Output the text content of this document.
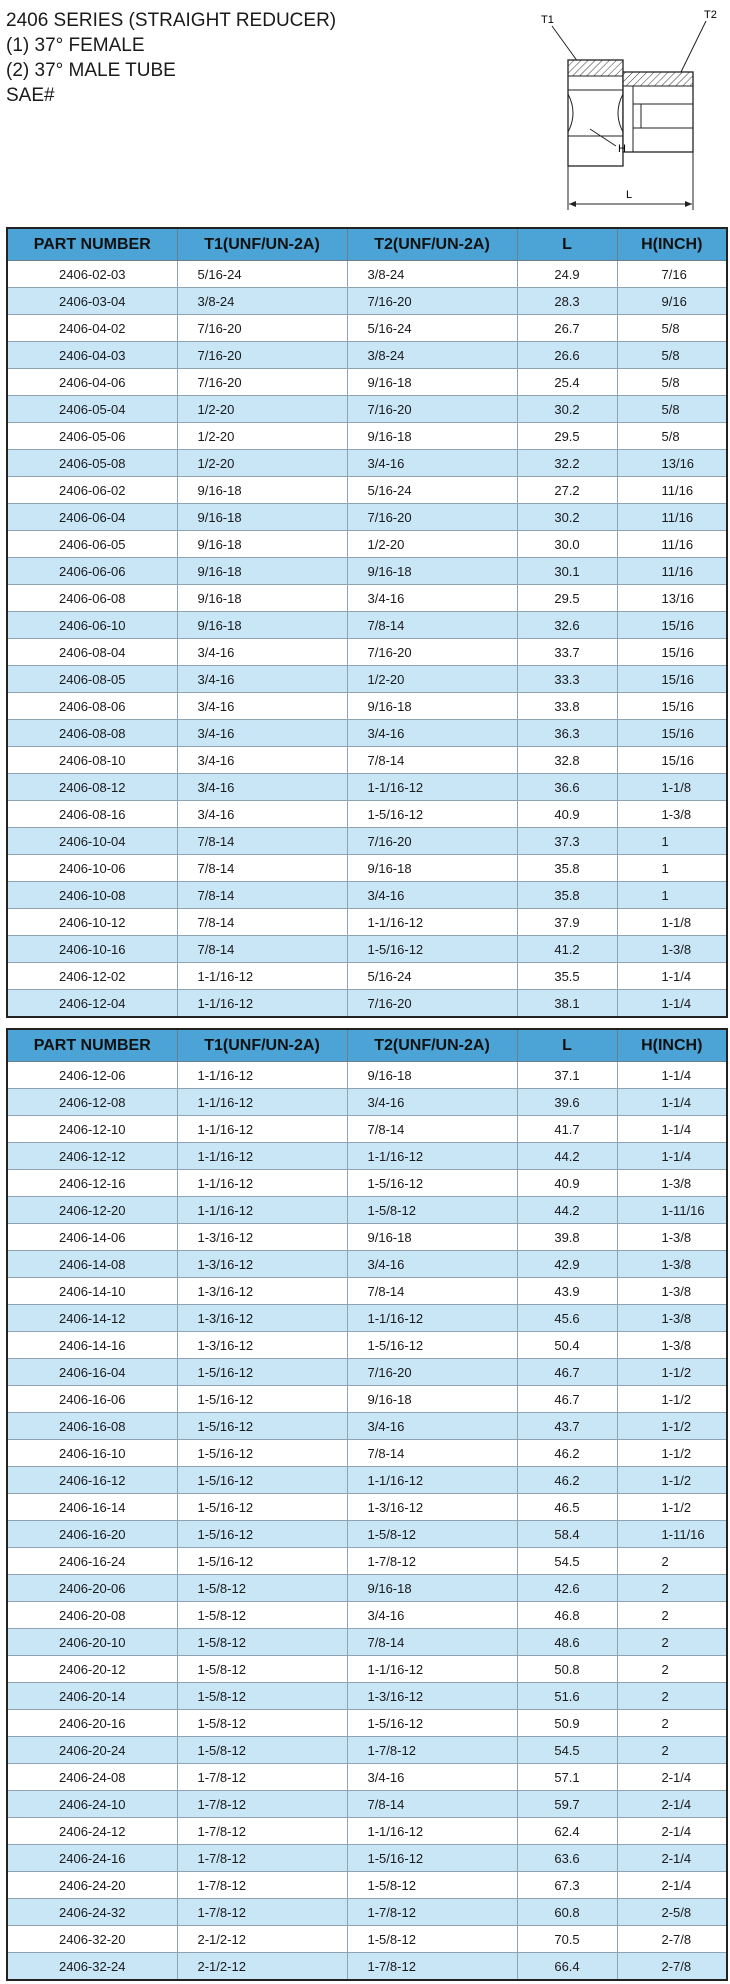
2406 SERIES (STRAIGHT REDUCER)
(1) 37° FEMALE
(2) 37° MALE TUBE
SAE#
T1	T2
H
L
PART NUMBER	T1(UNF/UN-2A)	T2(UNF/UN-2A)	L	H(INCH)
2406-02-03	5/16-24	3/8-24	24.9	7/16
2406-03-04	3/8-24	7/16-20	28.3	9/16
2406-04-02	7/16-20	5/16-24	26.7	5/8
2406-04-03	7/16-20	3/8-24	26.6	5/8
2406-04-06	7/16-20	9/16-18	25.4	5/8
2406-05-04	1/2-20	7/16-20	30.2	5/8
2406-05-06	1/2-20	9/16-18	29.5	5/8
2406-05-08	1/2-20	3/4-16	32.2	13/16
2406-06-02	9/16-18	5/16-24	27.2	11/16
2406-06-04	9/16-18	7/16-20	30.2	11/16
2406-06-05	9/16-18	1/2-20	30.0	11/16
2406-06-06	9/16-18	9/16-18	30.1	11/16
2406-06-08	9/16-18	3/4-16	29.5	13/16
2406-06-10	9/16-18	7/8-14	32.6	15/16
2406-08-04	3/4-16	7/16-20	33.7	15/16
2406-08-05	3/4-16	1/2-20	33.3	15/16
2406-08-06	3/4-16	9/16-18	33.8	15/16
2406-08-08	3/4-16	3/4-16	36.3	15/16
2406-08-10	3/4-16	7/8-14	32.8	15/16
2406-08-12	3/4-16	1-1/16-12	36.6	1-1/8
2406-08-16	3/4-16	1-5/16-12	40.9	1-3/8
2406-10-04	7/8-14	7/16-20	37.3	1
2406-10-06	7/8-14	9/16-18	35.8	1
2406-10-08	7/8-14	3/4-16	35.8	1
2406-10-12	7/8-14	1-1/16-12	37.9	1-1/8
2406-10-16	7/8-14	1-5/16-12	41.2	1-3/8
2406-12-02	1-1/16-12	5/16-24	35.5	1-1/4
2406-12-04	1-1/16-12	7/16-20	38.1	1-1/4
PART NUMBER	T1(UNF/UN-2A)	T2(UNF/UN-2A)	L	H(INCH)
2406-12-06	1-1/16-12	9/16-18	37.1	1-1/4
2406-12-08	1-1/16-12	3/4-16	39.6	1-1/4
2406-12-10	1-1/16-12	7/8-14	41.7	1-1/4
2406-12-12	1-1/16-12	1-1/16-12	44.2	1-1/4
2406-12-16	1-1/16-12	1-5/16-12	40.9	1-3/8
2406-12-20	1-1/16-12	1-5/8-12	44.2	1-11/16
2406-14-06	1-3/16-12	9/16-18	39.8	1-3/8
2406-14-08	1-3/16-12	3/4-16	42.9	1-3/8
2406-14-10	1-3/16-12	7/8-14	43.9	1-3/8
2406-14-12	1-3/16-12	1-1/16-12	45.6	1-3/8
2406-14-16	1-3/16-12	1-5/16-12	50.4	1-3/8
2406-16-04	1-5/16-12	7/16-20	46.7	1-1/2
2406-16-06	1-5/16-12	9/16-18	46.7	1-1/2
2406-16-08	1-5/16-12	3/4-16	43.7	1-1/2
2406-16-10	1-5/16-12	7/8-14	46.2	1-1/2
2406-16-12	1-5/16-12	1-1/16-12	46.2	1-1/2
2406-16-14	1-5/16-12	1-3/16-12	46.5	1-1/2
2406-16-20	1-5/16-12	1-5/8-12	58.4	1-11/16
2406-16-24	1-5/16-12	1-7/8-12	54.5	2
2406-20-06	1-5/8-12	9/16-18	42.6	2
2406-20-08	1-5/8-12	3/4-16	46.8	2
2406-20-10	1-5/8-12	7/8-14	48.6	2
2406-20-12	1-5/8-12	1-1/16-12	50.8	2
2406-20-14	1-5/8-12	1-3/16-12	51.6	2
2406-20-16	1-5/8-12	1-5/16-12	50.9	2
2406-20-24	1-5/8-12	1-7/8-12	54.5	2
2406-24-08	1-7/8-12	3/4-16	57.1	2-1/4
2406-24-10	1-7/8-12	7/8-14	59.7	2-1/4
2406-24-12	1-7/8-12	1-1/16-12	62.4	2-1/4
2406-24-16	1-7/8-12	1-5/16-12	63.6	2-1/4
2406-24-20	1-7/8-12	1-5/8-12	67.3	2-1/4
2406-24-32	1-7/8-12	1-7/8-12	60.8	2-5/8
2406-32-20	2-1/2-12	1-5/8-12	70.5	2-7/8
2406-32-24	2-1/2-12	1-7/8-12	66.4	2-7/8
